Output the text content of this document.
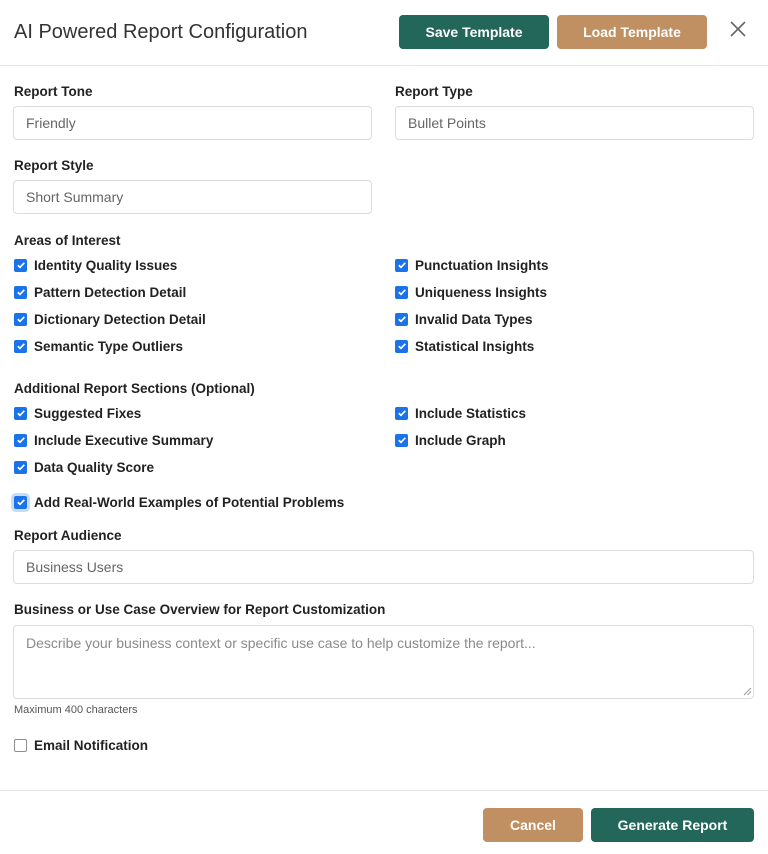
AI Powered Report Configuration	Save Template	Load Template
Report Tone
Friendly
Report Type
Bullet Points
Report Style
Short Summary
Areas of Interest
Identity Quality Issues
Pattern Detection Detail
Dictionary Detection Detail
Semantic Type Outliers
Punctuation Insights
Uniqueness Insights
Invalid Data Types
Statistical Insights
Additional Report Sections (Optional)
Suggested Fixes
Include Executive Summary
Data Quality Score
Include Statistics
Include Graph
Add Real-World Examples of Potential Problems
Report Audience
Business Users
Business or Use Case Overview for Report Customization
Describe your business context or specific use case to help customize the report...
Maximum 400 characters
Email Notification
Cancel	Generate Report
